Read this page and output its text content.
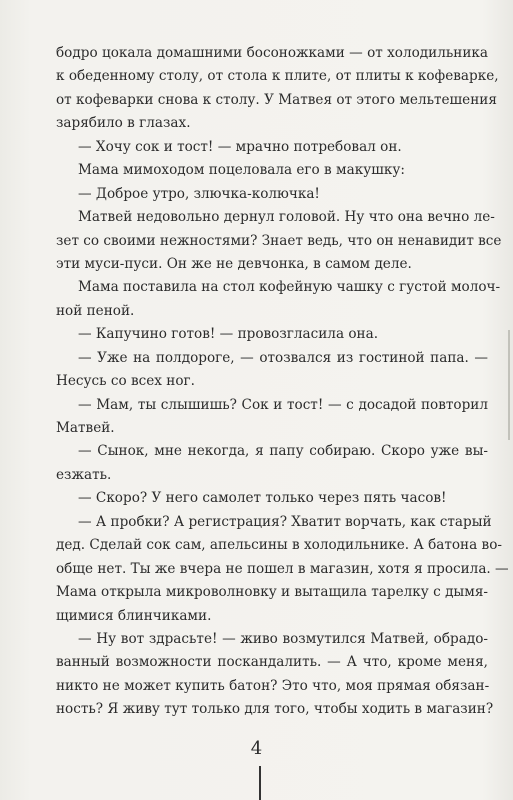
бодро цокала домашними босоножками — от холодильника
к обеденному столу, от стола к плите, от плиты к кофеварке,
от кофеварки снова к столу. У Матвея от этого мельтешения
зарябило в глазах.
— Хочу сок и тост! — мрачно потребовал он.
Мама мимоходом поцеловала его в макушку:
— Доброе утро, злючка-колючка!
Матвей недовольно дернул головой. Ну что она вечно ле-
зет со своими нежностями? Знает ведь, что он ненавидит все
эти муси-пуси. Он же не девчонка, в самом деле.
Мама поставила на стол кофейную чашку с густой молоч-
ной пеной.
— Капучино готов! — провозгласила она.
— Уже на полдороге, — отозвался из гостиной папа. —
Несусь со всех ног.
— Мам, ты слышишь? Сок и тост! — с досадой повторил
Матвей.
— Сынок, мне некогда, я папу собираю. Скоро уже вы-
езжать.
— Скоро? У него самолет только через пять часов!
— А пробки? А регистрация? Хватит ворчать, как старый
дед. Сделай сок сам, апельсины в холодильнике. А батона во-
обще нет. Ты же вчера не пошел в магазин, хотя я просила. —
Мама открыла микроволновку и вытащила тарелку с дымя-
щимися блинчиками.
— Ну вот здрасьте! — живо возмутился Матвей, обрадо-
ванный возможности поскандалить. — А что, кроме меня,
никто не может купить батон? Это что, моя прямая обязан-
ность? Я живу тут только для того, чтобы ходить в магазин?
4
